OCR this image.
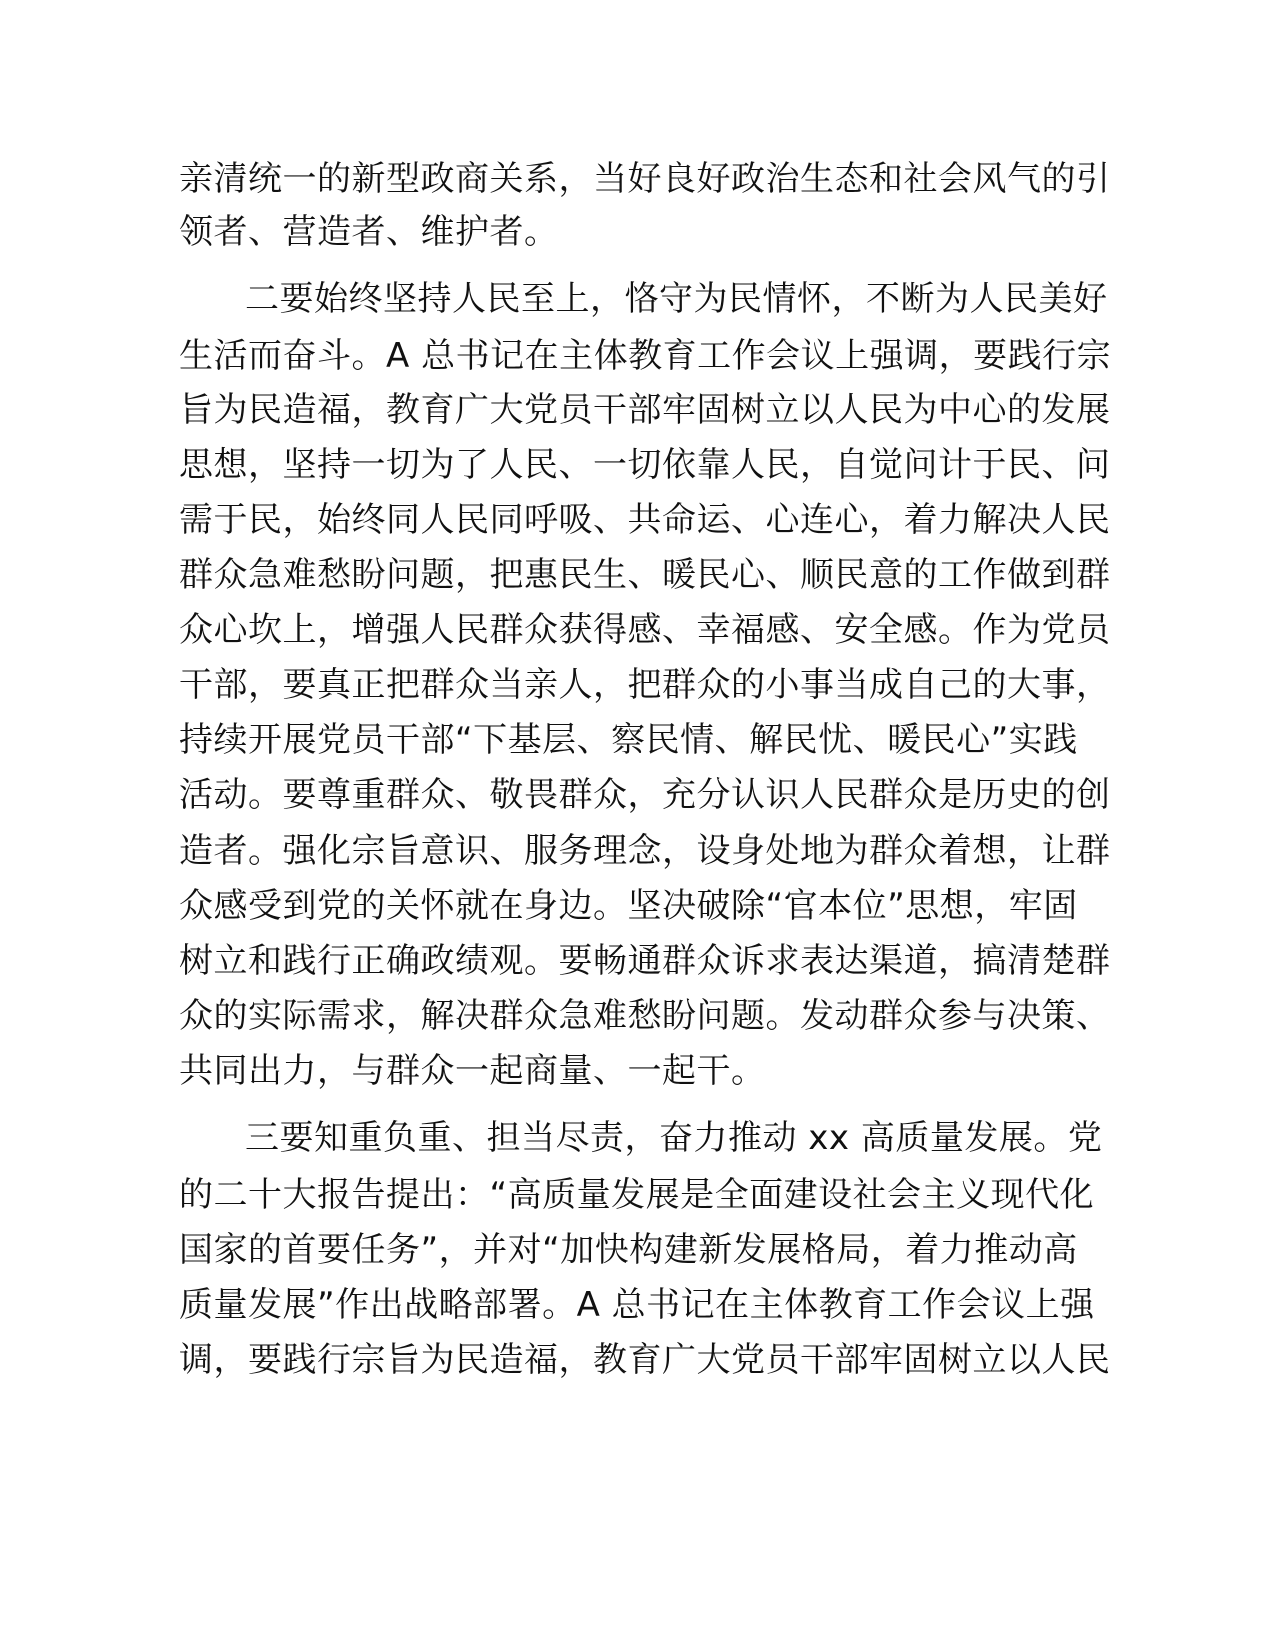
亲清统一的新型政商关系，当好良好政治生态和社会风气的引
领者、营造者、维护者。
二要始终坚持人民至上，恪守为民情怀，不断为人民美好
生活而奋斗。A 总书记在主体教育工作会议上强调，要践行宗
旨为民造福，教育广大党员干部牢固树立以人民为中心的发展
思想，坚持一切为了人民、一切依靠人民，自觉问计于民、问
需于民，始终同人民同呼吸、共命运、心连心，着力解决人民
群众急难愁盼问题，把惠民生、暖民心、顺民意的工作做到群
众心坎上，增强人民群众获得感、幸福感、安全感。作为党员
干部，要真正把群众当亲人，把群众的小事当成自己的大事，
持续开展党员干部“下基层、察民情、解民忧、暖民心”实践
活动。要尊重群众、敬畏群众，充分认识人民群众是历史的创
造者。强化宗旨意识、服务理念，设身处地为群众着想，让群
众感受到党的关怀就在身边。坚决破除“官本位”思想，牢固
树立和践行正确政绩观。要畅通群众诉求表达渠道，搞清楚群
众的实际需求，解决群众急难愁盼问题。发动群众参与决策、
共同出力，与群众一起商量、一起干。
三要知重负重、担当尽责，奋力推动 xx 高质量发展。党
的二十大报告提出：“高质量发展是全面建设社会主义现代化
国家的首要任务”，并对“加快构建新发展格局，着力推动高
质量发展”作出战略部署。A 总书记在主体教育工作会议上强
调，要践行宗旨为民造福，教育广大党员干部牢固树立以人民
